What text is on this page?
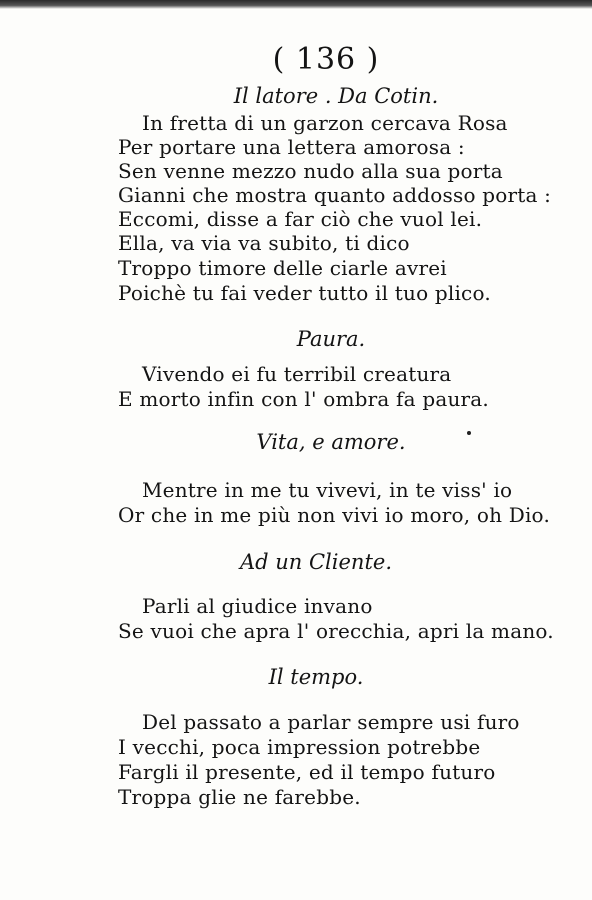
( 136 )
Il latore . Da Cotin.
In fretta di un garzon cercava Rosa
Per portare una lettera amorosa :
Sen venne mezzo nudo alla sua porta
Gianni che mostra quanto addosso porta :
Eccomi, disse a far ciò che vuol lei.
Ella, va via va subito, ti dico
Troppo timore delle ciarle avrei
Poichè tu fai veder tutto il tuo plico.
Paura.
Vivendo ei fu terribil creatura
E morto infin con l' ombra fa paura.
Vita, e amore.
Mentre in me tu vivevi, in te viss' io
Or che in me più non vivi io moro, oh Dio.
Ad un Cliente.
Parli al giudice invano
Se vuoi che apra l' orecchia, apri la mano.
Il tempo.
Del passato a parlar sempre usi furo
I vecchi, poca impression potrebbe
Fargli il presente, ed il tempo futuro
Troppa glie ne farebbe.
